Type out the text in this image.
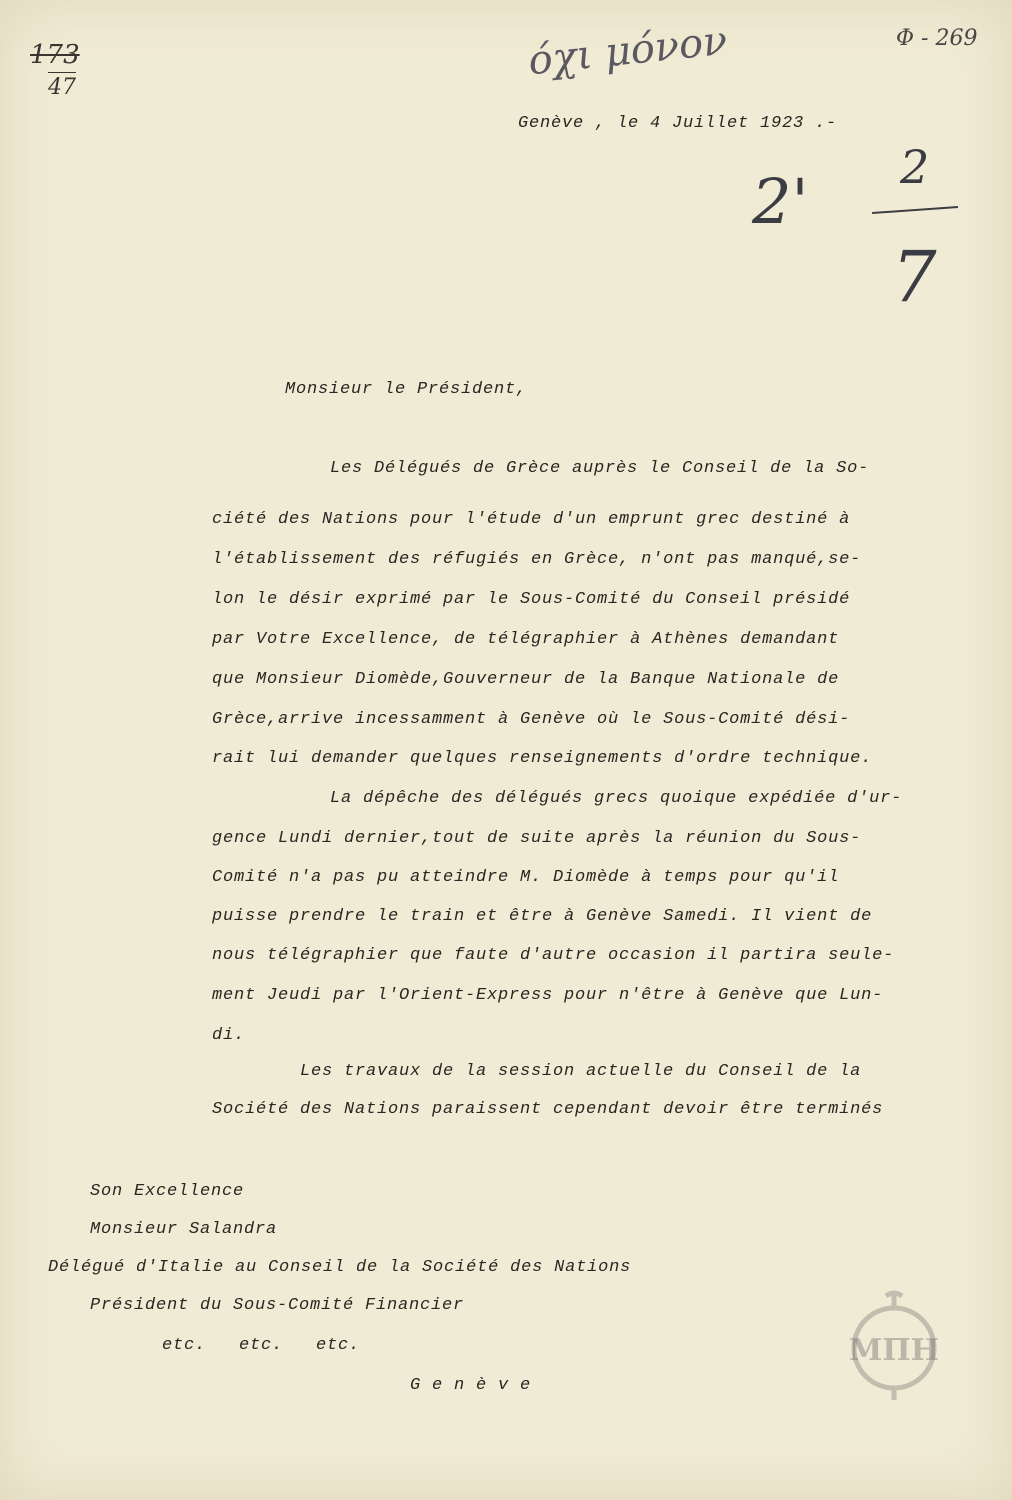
173
47
όχι μόνον	Φ - 269
2' 2
7
Genève , le 4 Juillet 1923 .-
Monsieur le Président,
Les Délégués de Grèce auprès le Conseil de la So-
ciété des Nations pour l'étude d'un emprunt grec destiné à
l'établissement des réfugiés en Grèce, n'ont pas manqué,se-
lon le désir exprimé par le Sous-Comité du Conseil présidé
par Votre Excellence, de télégraphier à Athènes demandant
que Monsieur Diomède,Gouverneur de la Banque Nationale de
Grèce,arrive incessamment à Genève où le Sous-Comité dési-
rait lui demander quelques renseignements d'ordre technique.
La dépêche des délégués grecs quoique expédiée d'ur-
gence Lundi dernier,tout de suite après la réunion du Sous-
Comité n'a pas pu atteindre M. Diomède à temps pour qu'il
puisse prendre le train et être à Genève Samedi. Il vient de
nous télégraphier que faute d'autre occasion il partira seule-
ment Jeudi par l'Orient-Express pour n'être à Genève que Lun-
di.
Les travaux de la session actuelle du Conseil de la
Société des Nations paraissent cependant devoir être terminés
Son Excellence
Monsieur Salandra
Délégué d'Italie au Conseil de la Société des Nations
Président du Sous-Comité Financier
etc. etc. etc.
G e n è v e
ΜΠΗ
